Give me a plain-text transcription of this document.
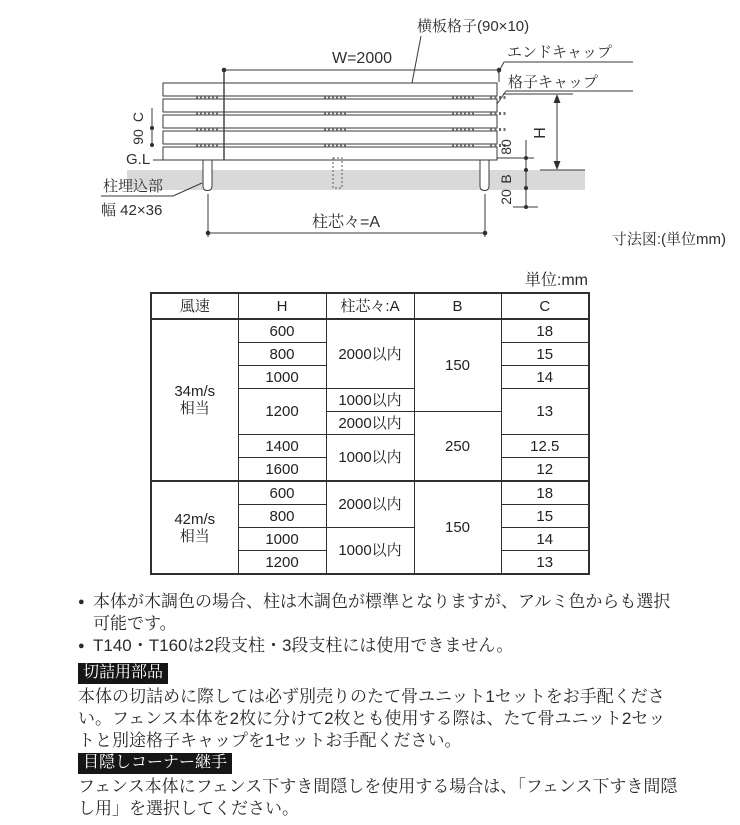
横板格子(90×10)
W=2000	エンドキャップ
格子キャップ
C
90
G.L
H
80
B
20
柱埋込部
幅 42×36
柱芯々=A
寸法図:(単位mm)
単位:mm
風速	H	柱芯々:A	B	C
34m/s
相当	600	2000以内	150	18
	800			15
	1000			14
	1200	1000以内		13
		2000以内	250	
	1400	1000以内		12.5
	1600			12
42m/s
相当	600	2000以内	150	18
	800			15
	1000	1000以内		14
	1200			13
● 本体が木調色の場合、柱は木調色が標準となりますが、アルミ色からも選択可能です。
● T140・T160は2段支柱・3段支柱には使用できません。
切詰用部品
本体の切詰めに際しては必ず別売りのたて骨ユニット1セットをお手配ください。フェンス本体を2枚に分けて2枚とも使用する際は、たて骨ユニット2セットと別途格子キャップを1セットお手配ください。
目隠しコーナー継手
フェンス本体にフェンス下すき間隠しを使用する場合は、「フェンス下すき間隠し用」を選択してください。
